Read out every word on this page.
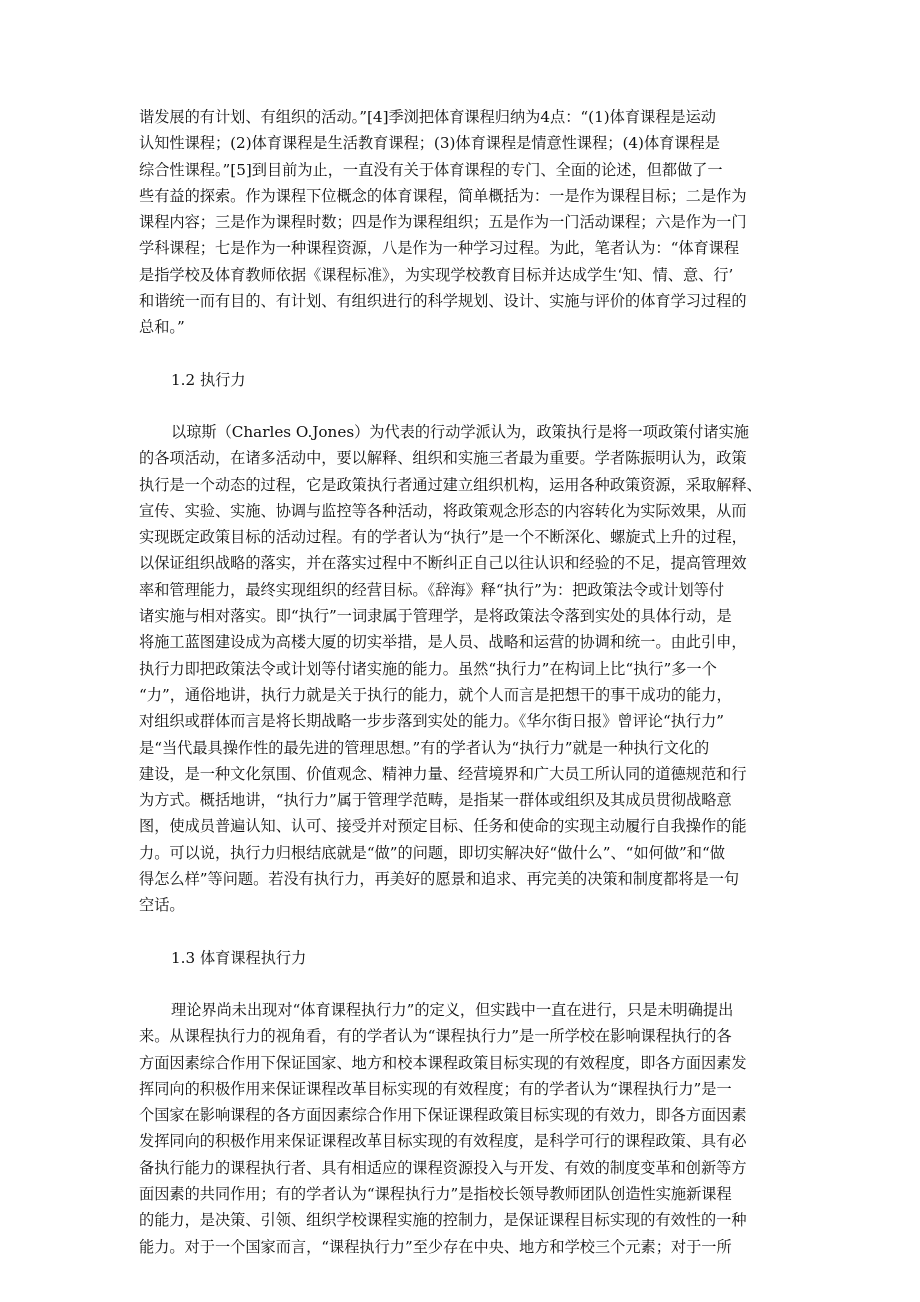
谐发展的有计划、有组织的活动。”[4]季浏把体育课程归纳为4点：“(1)体育课程是运动
认知性课程；(2)体育课程是生活教育课程；(3)体育课程是情意性课程；(4)体育课程是
综合性课程。”[5]到目前为止，一直没有关于体育课程的专门、全面的论述，但都做了一
些有益的探索。作为课程下位概念的体育课程，简单概括为：一是作为课程目标；二是作为
课程内容；三是作为课程时数；四是作为课程组织；五是作为一门活动课程；六是作为一门
学科课程；七是作为一种课程资源，八是作为一种学习过程。为此，笔者认为：“体育课程
是指学校及体育教师依据《课程标准》，为实现学校教育目标并达成学生‘知、情、意、行’
和谐统一而有目的、有计划、有组织进行的科学规划、设计、实施与评价的体育学习过程的
总和。”
1.2 执行力
以琼斯（Charles O.Jones）为代表的行动学派认为，政策执行是将一项政策付诸实施
的各项活动，在诸多活动中，要以解释、组织和实施三者最为重要。学者陈振明认为，政策
执行是一个动态的过程，它是政策执行者通过建立组织机构，运用各种政策资源，采取解释、
宣传、实验、实施、协调与监控等各种活动，将政策观念形态的内容转化为实际效果，从而
实现既定政策目标的活动过程。有的学者认为“执行”是一个不断深化、螺旋式上升的过程，
以保证组织战略的落实，并在落实过程中不断纠正自己以往认识和经验的不足，提高管理效
率和管理能力，最终实现组织的经营目标。《辞海》释“执行”为：把政策法令或计划等付
诸实施与相对落实。即“执行”一词隶属于管理学，是将政策法令落到实处的具体行动，是
将施工蓝图建设成为高楼大厦的切实举措，是人员、战略和运营的协调和统一。由此引申，
执行力即把政策法令或计划等付诸实施的能力。虽然“执行力”在构词上比“执行”多一个
“力”，通俗地讲，执行力就是关于执行的能力，就个人而言是把想干的事干成功的能力，
对组织或群体而言是将长期战略一步步落到实处的能力。《华尔街日报》曾评论“执行力”
是“当代最具操作性的最先进的管理思想。”有的学者认为“执行力”就是一种执行文化的
建设，是一种文化氛围、价值观念、精神力量、经营境界和广大员工所认同的道德规范和行
为方式。概括地讲，“执行力”属于管理学范畴，是指某一群体或组织及其成员贯彻战略意
图，使成员普遍认知、认可、接受并对预定目标、任务和使命的实现主动履行自我操作的能
力。可以说，执行力归根结底就是“做”的问题，即切实解决好“做什么”、“如何做”和“做
得怎么样”等问题。若没有执行力，再美好的愿景和追求、再完美的决策和制度都将是一句
空话。
1.3 体育课程执行力
理论界尚未出现对“体育课程执行力”的定义，但实践中一直在进行，只是未明确提出
来。从课程执行力的视角看，有的学者认为“课程执行力”是一所学校在影响课程执行的各
方面因素综合作用下保证国家、地方和校本课程政策目标实现的有效程度，即各方面因素发
挥同向的积极作用来保证课程改革目标实现的有效程度；有的学者认为“课程执行力”是一
个国家在影响课程的各方面因素综合作用下保证课程政策目标实现的有效力，即各方面因素
发挥同向的积极作用来保证课程改革目标实现的有效程度，是科学可行的课程政策、具有必
备执行能力的课程执行者、具有相适应的课程资源投入与开发、有效的制度变革和创新等方
面因素的共同作用；有的学者认为“课程执行力”是指校长领导教师团队创造性实施新课程
的能力，是决策、引领、组织学校课程实施的控制力，是保证课程目标实现的有效性的一种
能力。对于一个国家而言，“课程执行力”至少存在中央、地方和学校三个元素；对于一所
